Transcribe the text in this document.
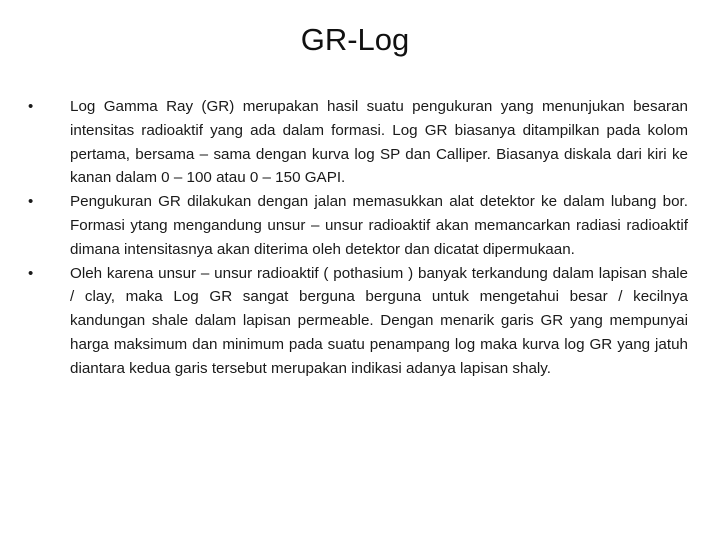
GR-Log
•	Log Gamma Ray (GR) merupakan hasil suatu pengukuran yang menunjukan besaran intensitas radioaktif yang ada dalam formasi. Log GR biasanya ditampilkan pada kolom pertama, bersama – sama dengan kurva log SP dan Calliper. Biasanya diskala dari kiri ke kanan dalam 0 – 100 atau 0 – 150 GAPI.
•	Pengukuran GR dilakukan dengan jalan memasukkan alat detektor ke dalam lubang bor. Formasi ytang mengandung unsur – unsur radioaktif akan memancarkan radiasi radioaktif dimana intensitasnya akan diterima oleh detektor dan dicatat dipermukaan.
•	Oleh karena unsur – unsur radioaktif ( pothasium ) banyak terkandung dalam lapisan shale / clay, maka Log GR sangat berguna berguna untuk mengetahui besar / kecilnya kandungan shale dalam lapisan permeable. Dengan menarik garis GR yang mempunyai harga maksimum dan minimum pada suatu penampang log maka kurva log GR yang jatuh diantara kedua garis tersebut merupakan indikasi adanya lapisan shaly.
